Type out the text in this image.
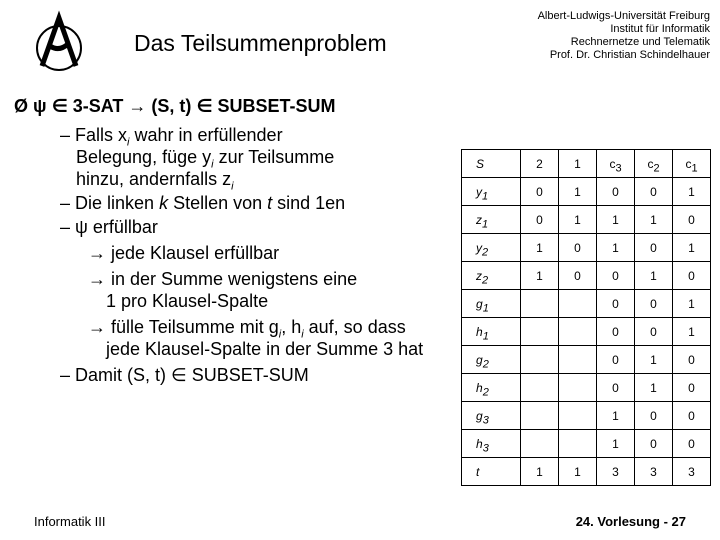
Das Teilsummenproblem
Albert-Ludwigs-Universität Freiburg
Institut für Informatik
Rechnernetze und Telematik
Prof. Dr. Christian Schindelhauer
Ø ψ ∈ 3-SAT → (S, t) ∈ SUBSET-SUM
– Falls $x_i$ wahr in erfüllender
Belegung, füge $y_i$ zur Teilsumme
hinzu, andernfalls $z_i$
– Die linken k Stellen von t sind 1en
– ψ erfüllbar
→ jede Klausel erfüllbar
→ in der Summe wenigstens eine
1 pro Klausel-Spalte
→ fülle Teilsumme mit $g_i$, $h_i$ auf, so dass
jede Klausel-Spalte in der Summe 3 hat
– Damit (S, t) ∈ SUBSET-SUM
S	2	1	$c_3$	$c_2$	$c_1$
$y_1$	0	1	0	0	1
$z_1$	0	1	1	1	0
$y_2$	1	0	1	0	1
$z_2$	1	0	0	1	0
$g_1$			0	0	1
$h_1$			0	0	1
$g_2$			0	1	0
$h_2$			0	1	0
$g_3$			1	0	0
$h_3$			1	0	0
t	1	1	3	3	3
Informatik III	24. Vorlesung - 27
